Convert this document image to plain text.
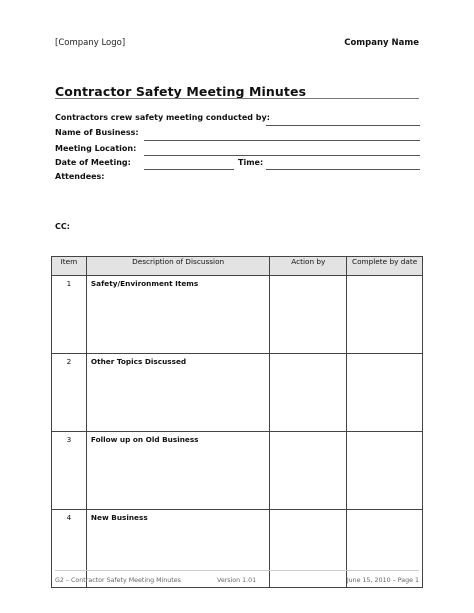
[Company Logo]	Company Name
Contractor Safety Meeting Minutes
Contractors crew safety meeting conducted by:
Name of Business:
Meeting Location:
Date of Meeting:	Time:
Attendees:
CC:
Item	Description of Discussion	Action by	Complete by date
1	Safety/Environment Items		
2	Other Topics Discussed		
3	Follow up on Old Business		
4	New Business		
G2 – Contractor Safety Meeting Minutes	Version 1.01	June 15, 2010 – Page 1
